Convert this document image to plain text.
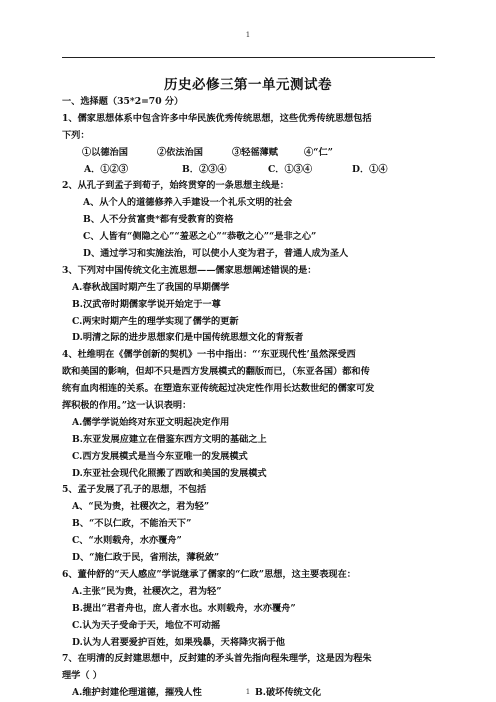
1
历史必修三第一单元测试卷
一、选择题（35*2=70 分）
1、儒家思想体系中包含许多中华民族优秀传统思想，这些优秀传统思想包括
下列：
①以德治国	②依法治国	③轻徭薄赋	④“仁”
A．①②③	B．②③④	C．①③④	D．①④
2、从孔子到孟子到荀子，始终贯穿的一条思想主线是：
A、从个人的道德修养入手建设一个礼乐文明的社会
B、人不分贫富贵*都有受教育的资格
C、人皆有“侧隐之心”“羞恶之心”“恭敬之心”“是非之心”
D、通过学习和实施法治，可以使小人变为君子，普通人成为圣人
3、下列对中国传统文化主流思想——儒家思想阐述错误的是：
A.春秋战国时期产生了我国的早期儒学
B.汉武帝时期儒家学说开始定于一尊
C.两宋时期产生的理学实现了儒学的更新
D.明清之际的进步思想家们是中国传统思想文化的背叛者
4、杜维明在《儒学创新的契机》一书中指出：“‘东亚现代性’虽然深受西
欧和美国的影响，但却不只是西方发展模式的翻版而已，（东亚各国）都和传
统有血肉相连的关系。在塑造东亚传统起过决定性作用长达数世纪的儒家可发
挥积极的作用。”这一认识表明：
A.儒学学说始终对东亚文明起决定作用
B.东亚发展应建立在借鉴东西方文明的基础之上
C.西方发展模式是当今东亚唯一的发展模式
D.东亚社会现代化照搬了西欧和美国的发展模式
5、孟子发展了孔子的思想，不包括
A、“民为贵，社稷次之，君为轻”
B、“不以仁政，不能治天下”
C、“水则载舟，水亦覆舟”
D、“施仁政于民，省刑法，薄税敛”
6、董仲舒的“天人感应”学说继承了儒家的“仁政”思想，这主要表现在：
A.主张“民为贵，社稷次之，君为轻”
B.提出“君者舟也，庶人者水也。水则载舟，水亦覆舟”
C.认为天子受命于天，地位不可动摇
D.认为人君要爱护百姓，如果残暴，天将降灾祸于他
7、在明清的反封建思想中，反封建的矛头首先指向程朱理学，这是因为程朱
理学（ ）
A.维护封建伦理道德，摧残人性	B.破坏传统文化
1
